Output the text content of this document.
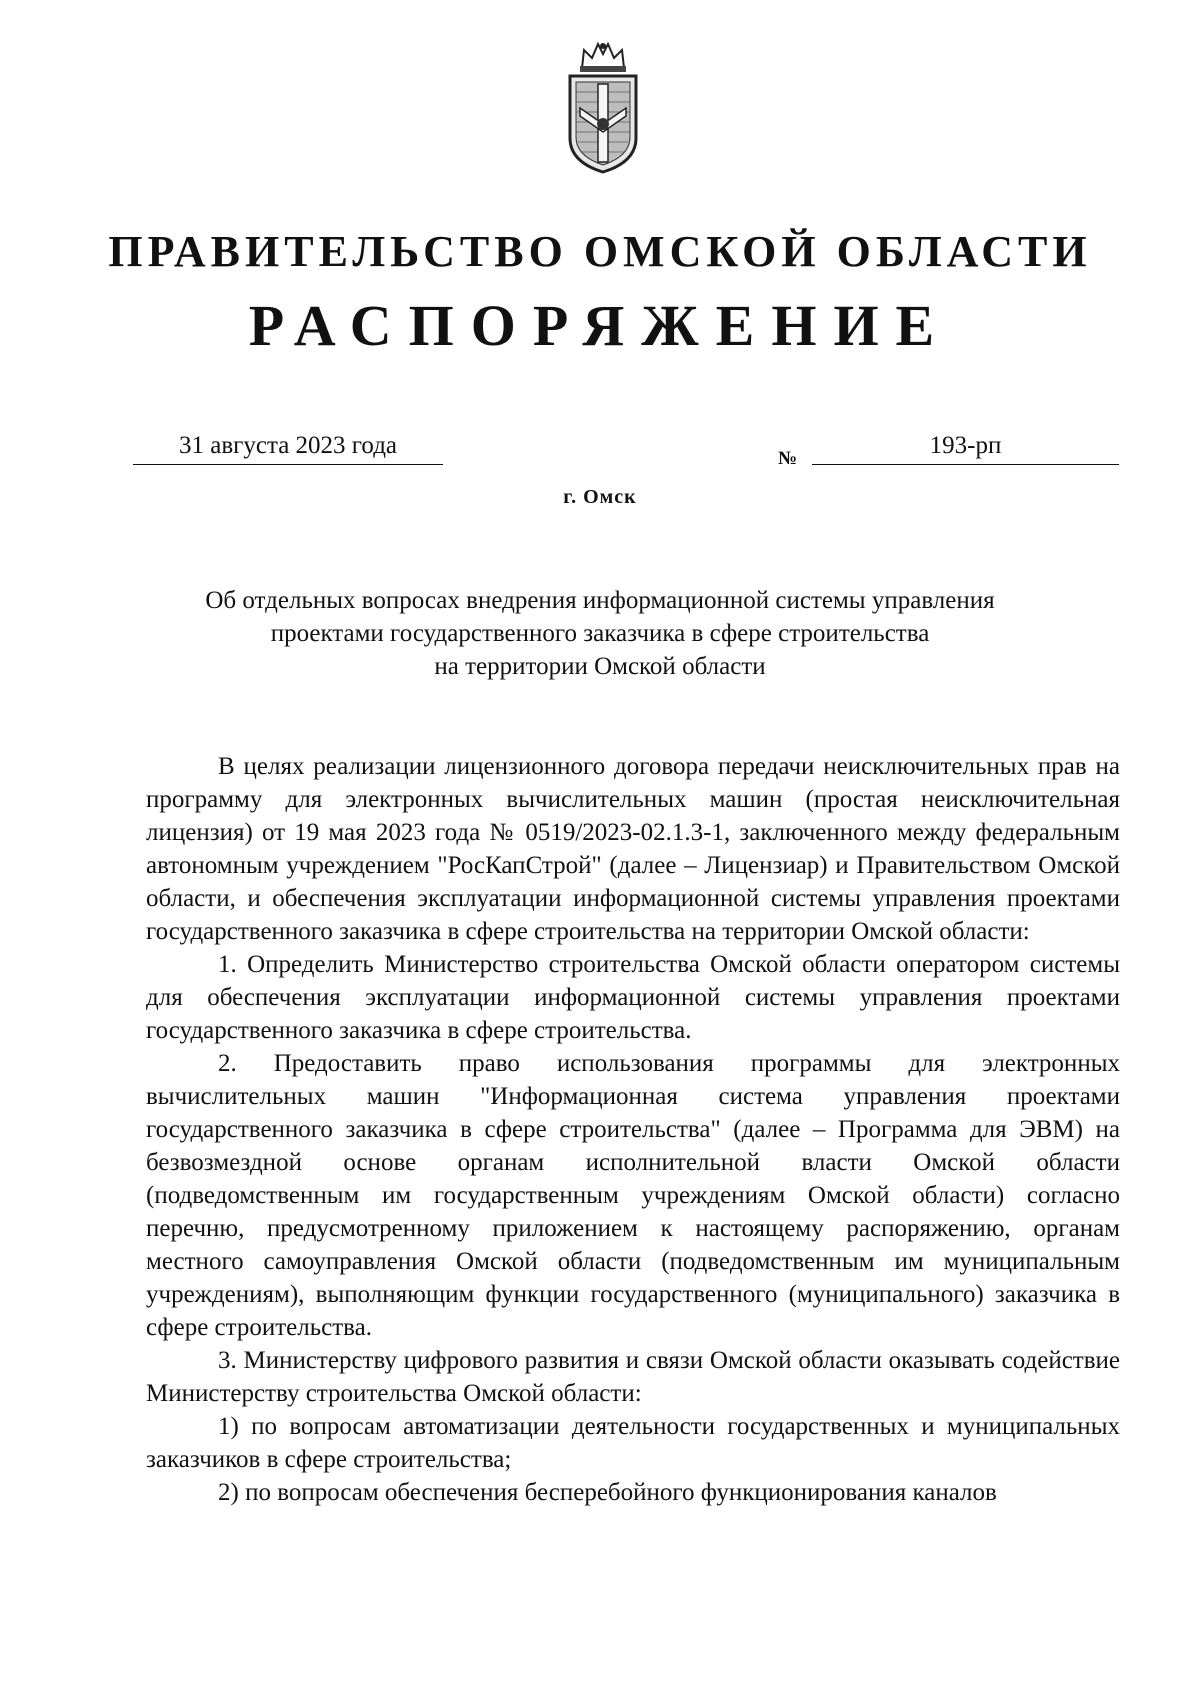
ПРАВИТЕЛЬСТВО ОМСКОЙ ОБЛАСТИ
РАСПОРЯЖЕНИЕ
31 августа 2023 года	№	193-рп
г. Омск
Об отдельных вопросах внедрения информационной системы управления
проектами государственного заказчика в сфере строительства
на территории Омской области

В целях реализации лицензионного договора передачи неисключительных прав на программу для электронных вычислительных машин (простая неисключительная лицензия) от 19 мая 2023 года № 0519/2023-02.1.3-1, заключенного между федеральным автономным учреждением "РосКапСтрой" (далее – Лицензиар) и Правительством Омской области, и обеспечения эксплуатации информационной системы управления проектами государственного заказчика в сфере строительства на территории Омской области:

1. Определить Министерство строительства Омской области оператором системы для обеспечения эксплуатации информационной системы управления проектами государственного заказчика в сфере строительства.

2. Предоставить право использования программы для электронных вычислительных машин "Информационная система управления проектами государственного заказчика в сфере строительства" (далее – Программа для ЭВМ) на безвозмездной основе органам исполнительной власти Омской области (подведомственным им государственным учреждениям Омской области) согласно перечню, предусмотренному приложением к настоящему распоряжению, органам местного самоуправления Омской области (подведомственным им муниципальным учреждениям), выполняющим функции государственного (муниципального) заказчика в сфере строительства.

3. Министерству цифрового развития и связи Омской области оказывать содействие Министерству строительства Омской области:

1) по вопросам автоматизации деятельности государственных и муниципальных заказчиков в сфере строительства;

2) по вопросам обеспечения бесперебойного функционирования каналов
